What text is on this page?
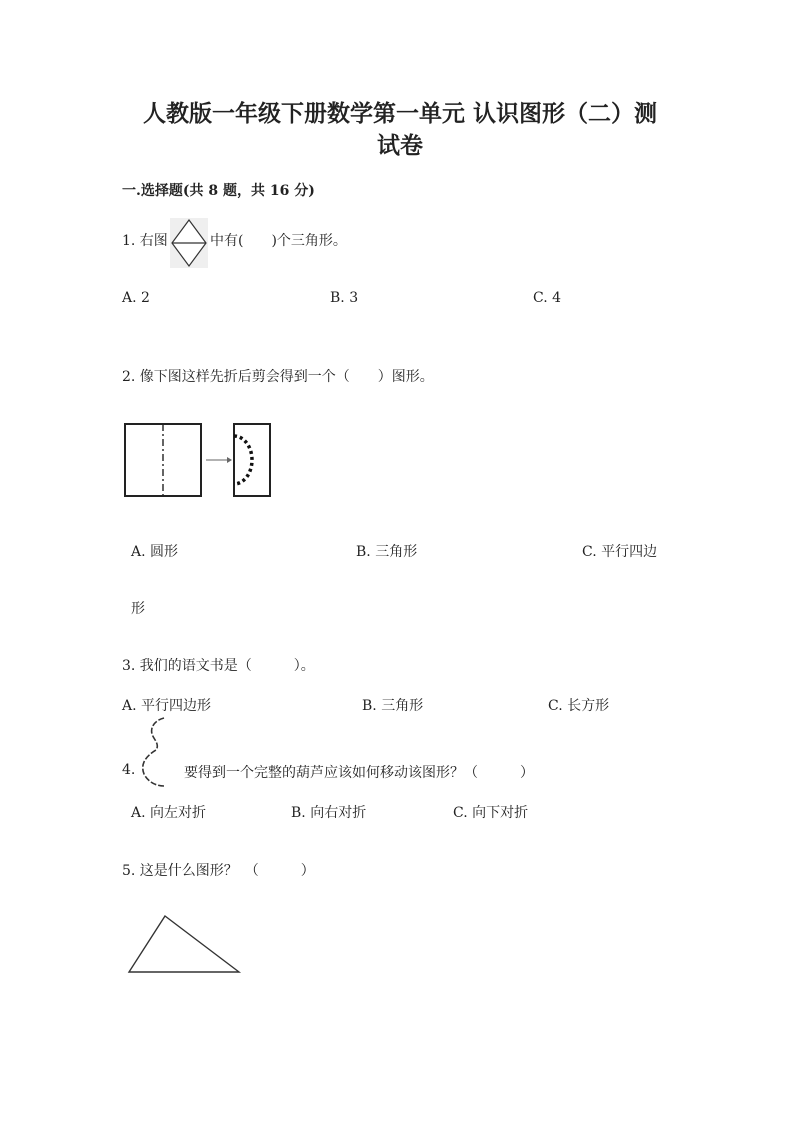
人教版一年级下册数学第一单元 认识图形（二）测
试卷
一.选择题(共 8 题，共 16 分)
1. 右图	中有(　　)个三角形。
A. 2	B. 3	C. 4
2. 像下图这样先折后剪会得到一个（　　）图形。
A. 圆形	B. 三角形	C. 平行四边
形
3. 我们的语文书是（　　　）。
A. 平行四边形	B. 三角形	C. 长方形
4.	要得到一个完整的葫芦应该如何移动该图形？（　　　）
A. 向左对折	B. 向右对折	C. 向下对折
5. 这是什么图形？　（　　　）
